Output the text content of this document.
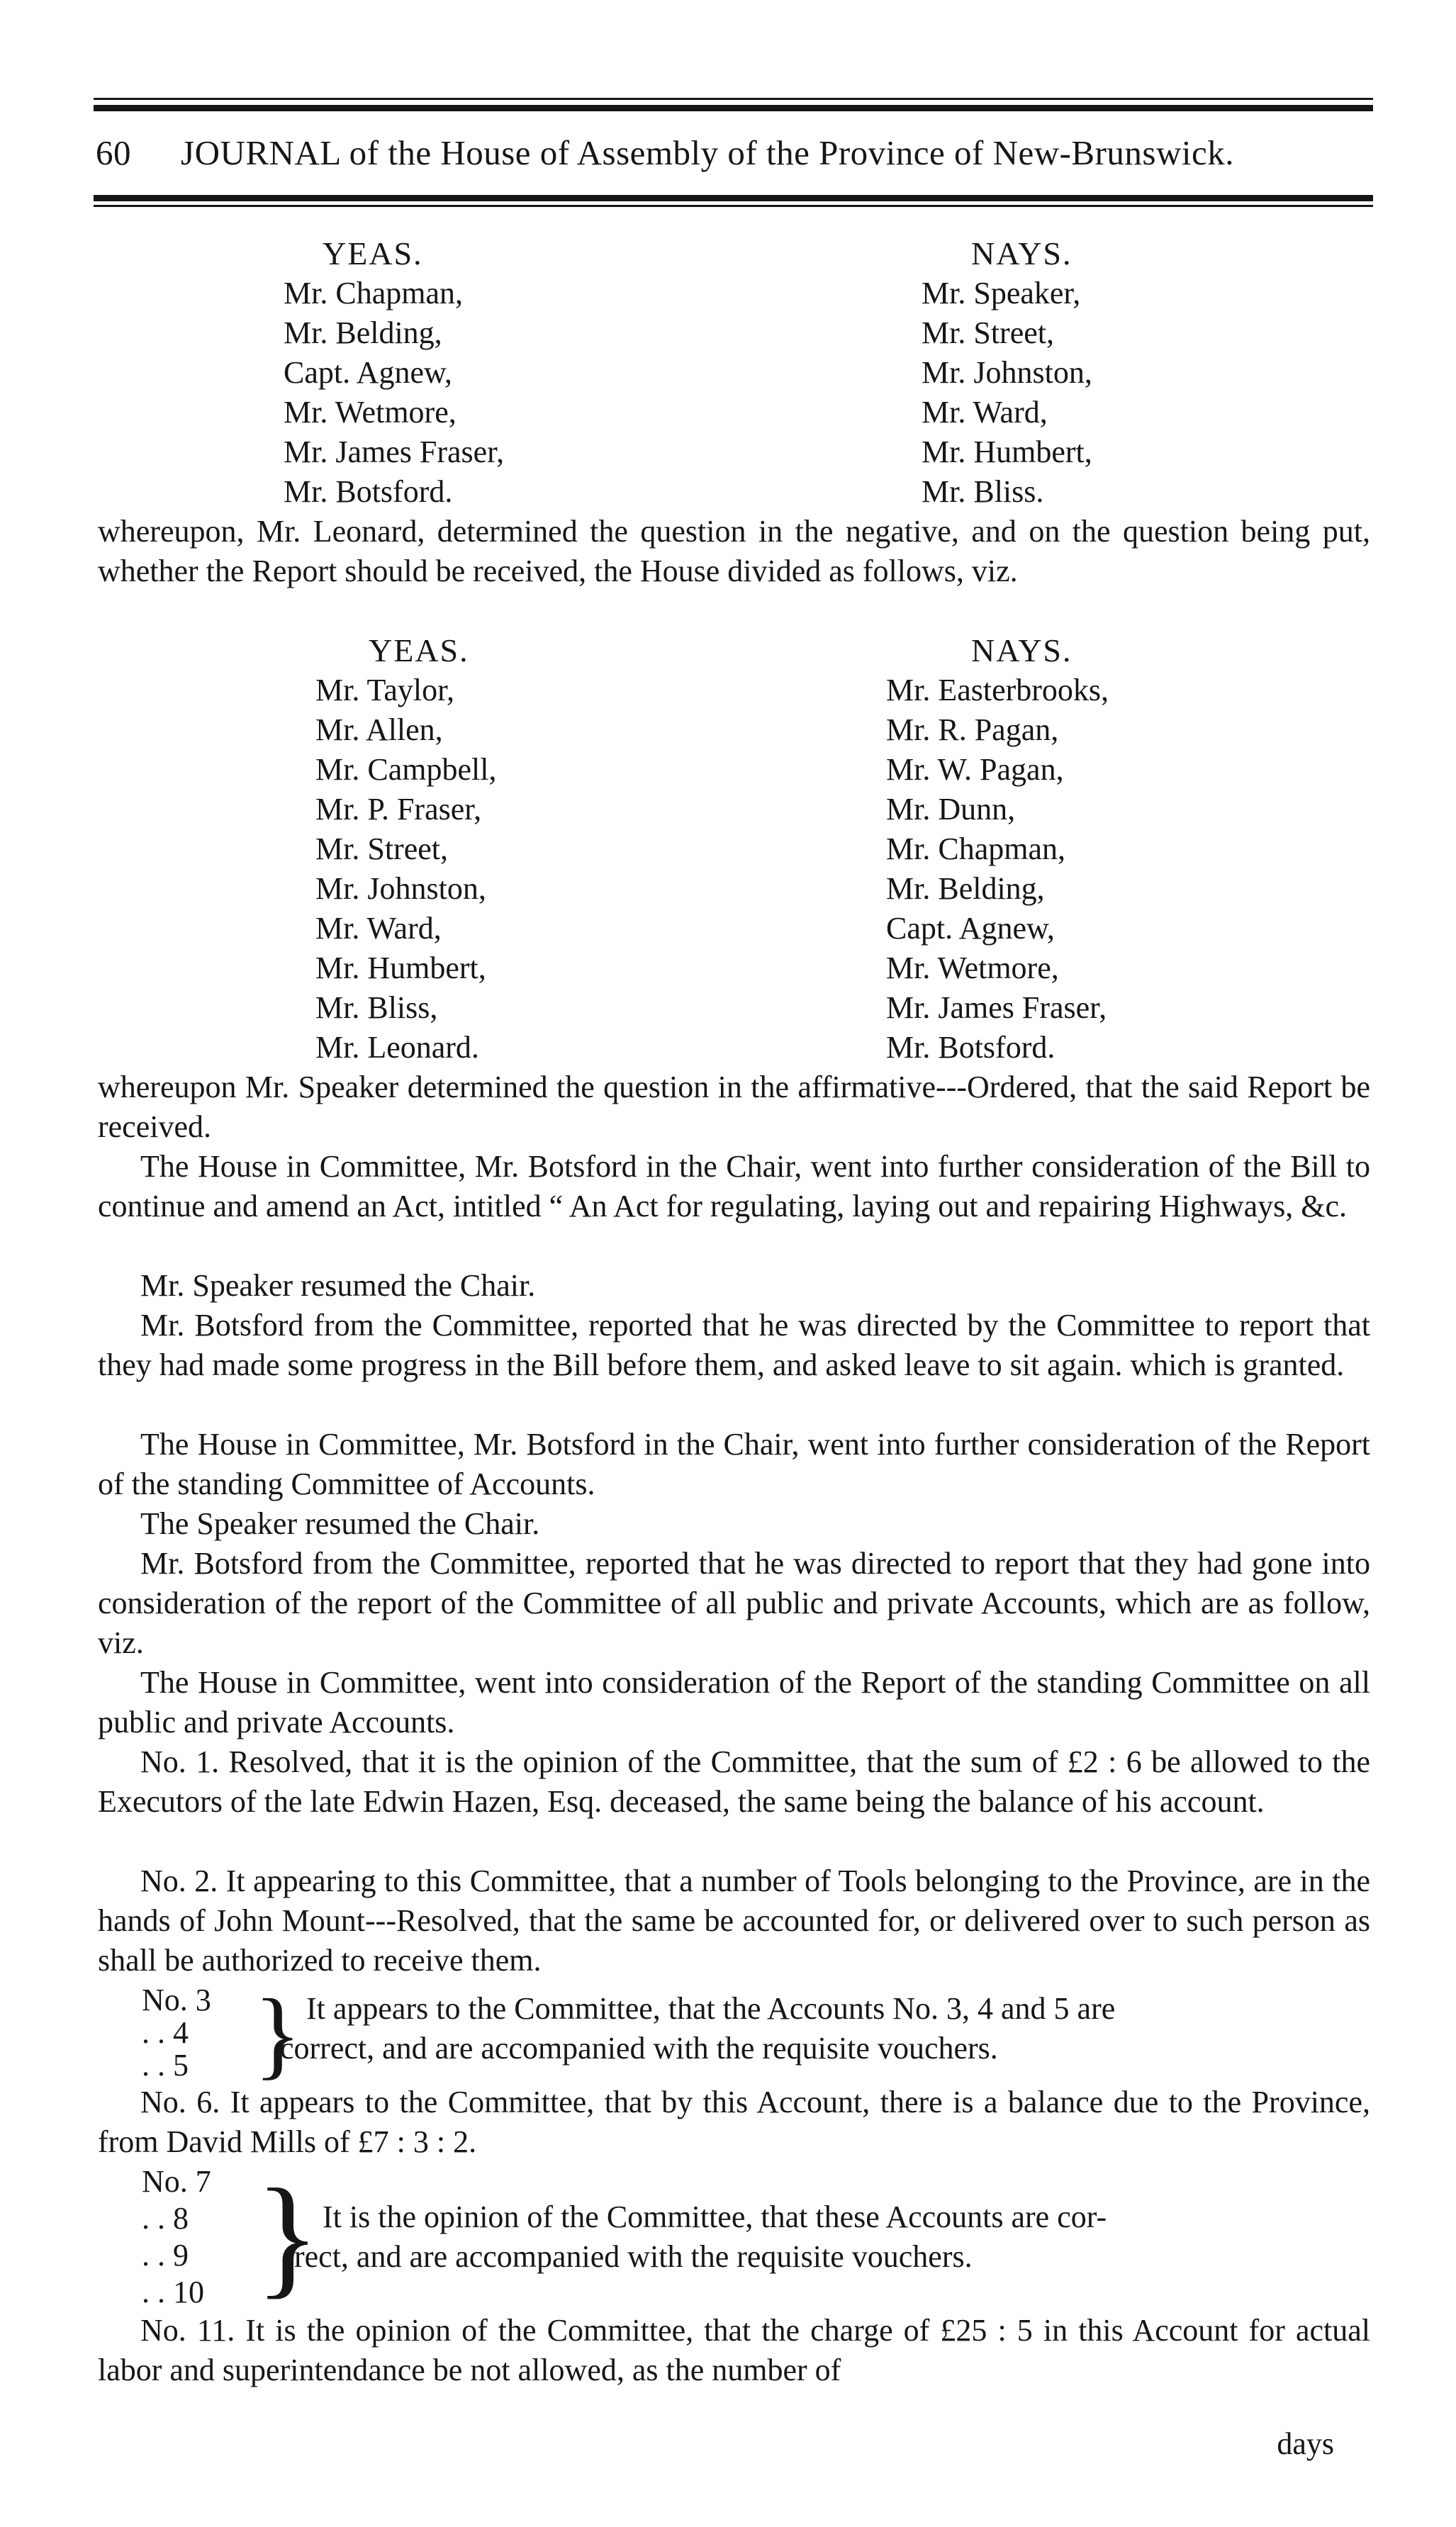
60 JOURNAL of the House of Assembly of the Province of New-Brunswick.
YEAS.	NAYS.
Mr. Chapman,
Mr. Belding,
Capt. Agnew,
Mr. Wetmore,
Mr. James Fraser,
Mr. Botsford.
Mr. Speaker,
Mr. Street,
Mr. Johnston,
Mr. Ward,
Mr. Humbert,
Mr. Bliss.
whereupon, Mr. Leonard, determined the question in the negative, and on the question being put, whether the Report should be received, the House divided as follows, viz.
YEAS.	NAYS.
Mr. Taylor,
Mr. Allen,
Mr. Campbell,
Mr. P. Fraser,
Mr. Street,
Mr. Johnston,
Mr. Ward,
Mr. Humbert,
Mr. Bliss,
Mr. Leonard.
Mr. Easterbrooks,
Mr. R. Pagan,
Mr. W. Pagan,
Mr. Dunn,
Mr. Chapman,
Mr. Belding,
Capt. Agnew,
Mr. Wetmore,
Mr. James Fraser,
Mr. Botsford.
whereupon Mr. Speaker determined the question in the affirmative---Ordered, that the said Report be received.
The House in Committee, Mr. Botsford in the Chair, went into further consideration of the Bill to continue and amend an Act, intitled “ An Act for regulating, laying out and repairing Highways, &c.
Mr. Speaker resumed the Chair.
Mr. Botsford from the Committee, reported that he was directed by the Committee to report that they had made some progress in the Bill before them, and asked leave to sit again. which is granted.
The House in Committee, Mr. Botsford in the Chair, went into further consideration of the Report of the standing Committee of Accounts.
The Speaker resumed the Chair.
Mr. Botsford from the Committee, reported that he was directed to report that they had gone into consideration of the report of the Committee of all public and private Accounts, which are as follow, viz.
The House in Committee, went into consideration of the Report of the standing Committee on all public and private Accounts.
No. 1. Resolved, that it is the opinion of the Committee, that the sum of £2 : 6 be allowed to the Executors of the late Edwin Hazen, Esq. deceased, the same being the balance of his account.
No. 2. It appearing to this Committee, that a number of Tools belonging to the Province, are in the hands of John Mount---Resolved, that the same be accounted for, or delivered over to such person as shall be authorized to receive them.
No. 3
. . 4
. . 5 } It appears to the Committee, that the Accounts No. 3, 4 and 5 are
correct, and are accompanied with the requisite vouchers.
No. 6. It appears to the Committee, that by this Account, there is a balance due to the Province, from David Mills of £7 : 3 : 2.
No. 7
. . 8
. . 9
. . 10 } It is the opinion of the Committee, that these Accounts are cor-
rect, and are accompanied with the requisite vouchers.
No. 11. It is the opinion of the Committee, that the charge of £25 : 5 in this Account for actual labor and superintendance be not allowed, as the number of
days
